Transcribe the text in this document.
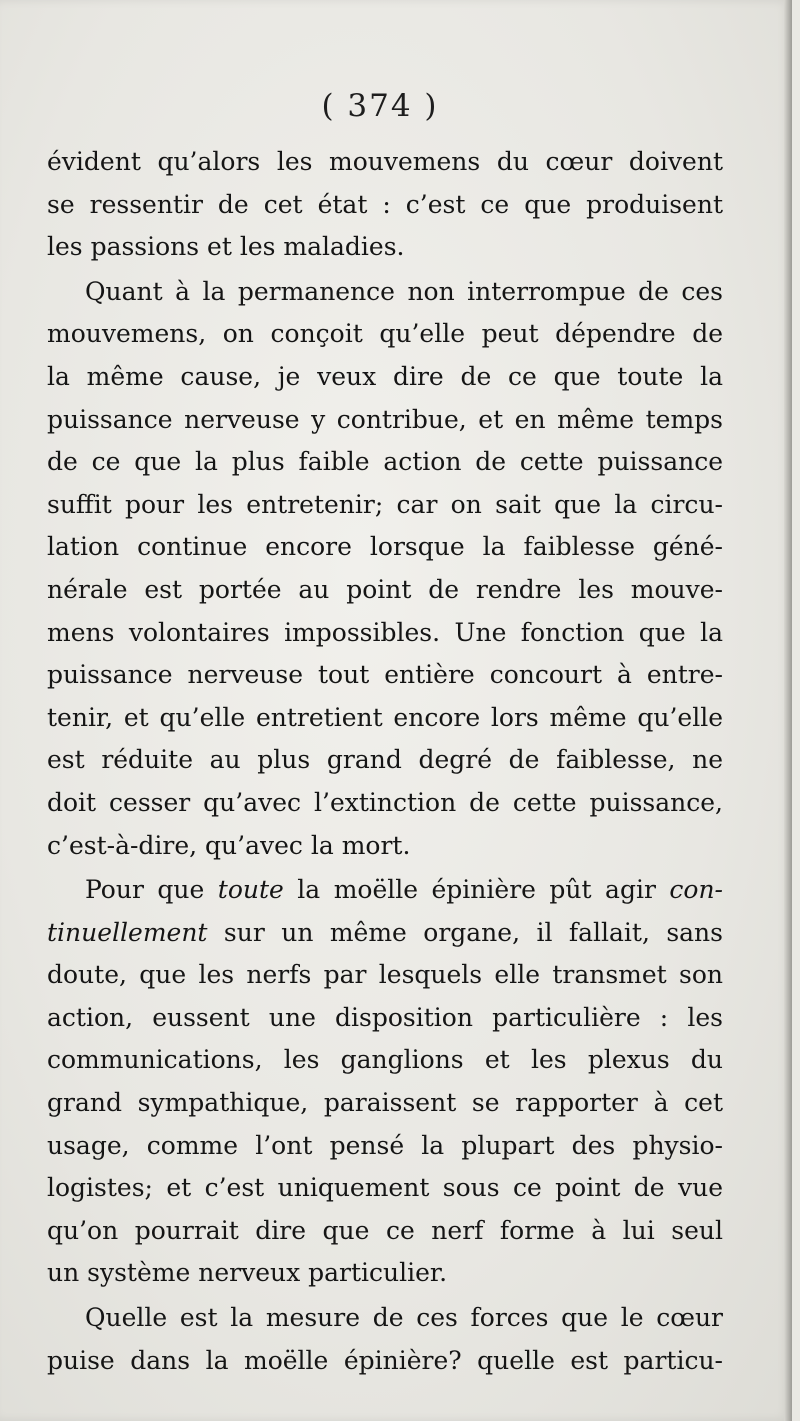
( 374 )
évident qu’alors les mouvemens du cœur doivent
se ressentir de cet état : c’est ce que produisent
les passions et les maladies.
Quant à la permanence non interrompue de ces
mouvemens, on conçoit qu’elle peut dépendre de
la même cause, je veux dire de ce que toute la
puissance nerveuse y contribue, et en même temps
de ce que la plus faible action de cette puissance
suffit pour les entretenir; car on sait que la circu-
lation continue encore lorsque la faiblesse géné-
nérale est portée au point de rendre les mouve-
mens volontaires impossibles. Une fonction que la
puissance nerveuse tout entière concourt à entre-
tenir, et qu’elle entretient encore lors même qu’elle
est réduite au plus grand degré de faiblesse, ne
doit cesser qu’avec l’extinction de cette puissance,
c’est-à-dire, qu’avec la mort.
Pour que toute la moëlle épinière pût agir con-
tinuellement sur un même organe, il fallait, sans
doute, que les nerfs par lesquels elle transmet son
action, eussent une disposition particulière : les
communications, les ganglions et les plexus du
grand sympathique, paraissent se rapporter à cet
usage, comme l’ont pensé la plupart des physio-
logistes; et c’est uniquement sous ce point de vue
qu’on pourrait dire que ce nerf forme à lui seul
un système nerveux particulier.
Quelle est la mesure de ces forces que le cœur
puise dans la moëlle épinière? quelle est particu-
